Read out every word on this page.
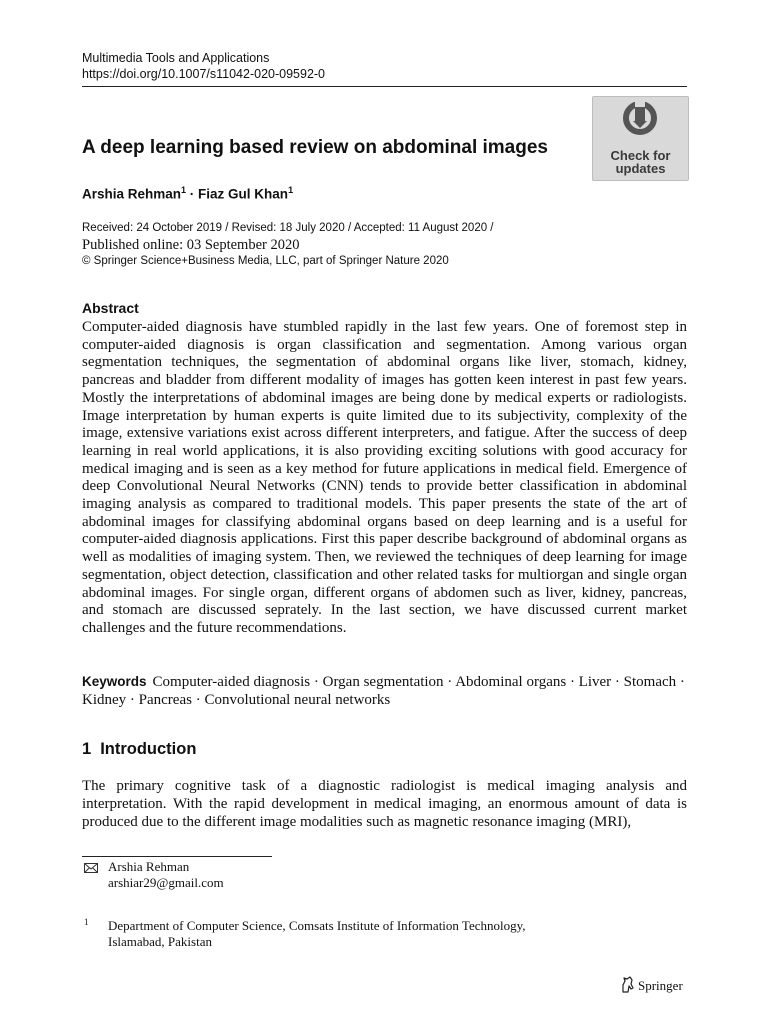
Multimedia Tools and Applications
https://doi.org/10.1007/s11042-020-09592-0
Check for
updates
A deep learning based review on abdominal images
Arshia Rehman$^1$ · Fiaz Gul Khan$^1$
Received: 24 October 2019 / Revised: 18 July 2020 / Accepted: 11 August 2020 /
Published online: 03 September 2020
© Springer Science+Business Media, LLC, part of Springer Nature 2020
Abstract
Computer-aided diagnosis have stumbled rapidly in the last few years. One of foremost step in computer-aided diagnosis is organ classification and segmentation. Among various organ segmentation techniques, the segmentation of abdominal organs like liver, stomach, kidney, pancreas and bladder from different modality of images has gotten keen interest in past few years. Mostly the interpretations of abdominal images are being done by medical experts or radiologists. Image interpretation by human experts is quite limited due to its subjectivity, complexity of the image, extensive variations exist across different interpreters, and fatigue. After the success of deep learning in real world applications, it is also providing exciting solutions with good accuracy for medical imaging and is seen as a key method for future applications in medical field. Emergence of deep Convolutional Neural Networks (CNN) tends to provide better classification in abdominal imaging analysis as compared to traditional models. This paper presents the state of the art of abdominal images for classifying abdominal organs based on deep learning and is a useful for computer-aided diagnosis applications. First this paper describe background of abdominal organs as well as modalities of imaging system. Then, we reviewed the techniques of deep learning for image segmentation, object detection, classification and other related tasks for multiorgan and single organ abdominal images. For single organ, different organs of abdomen such as liver, kidney, pancreas, and stomach are discussed seprately. In the last section, we have discussed current market challenges and the future recommendations.
Keywords Computer-aided diagnosis · Organ segmentation · Abdominal organs · Liver · Stomach · Kidney · Pancreas · Convolutional neural networks
1 Introduction
The primary cognitive task of a diagnostic radiologist is medical imaging analysis and interpretation. With the rapid development in medical imaging, an enormous amount of data is produced due to the different image modalities such as magnetic resonance imaging (MRI),
Arshia Rehman
arshiar29@gmail.com
1 Department of Computer Science, Comsats Institute of Information Technology,
Islamabad, Pakistan
Springer
